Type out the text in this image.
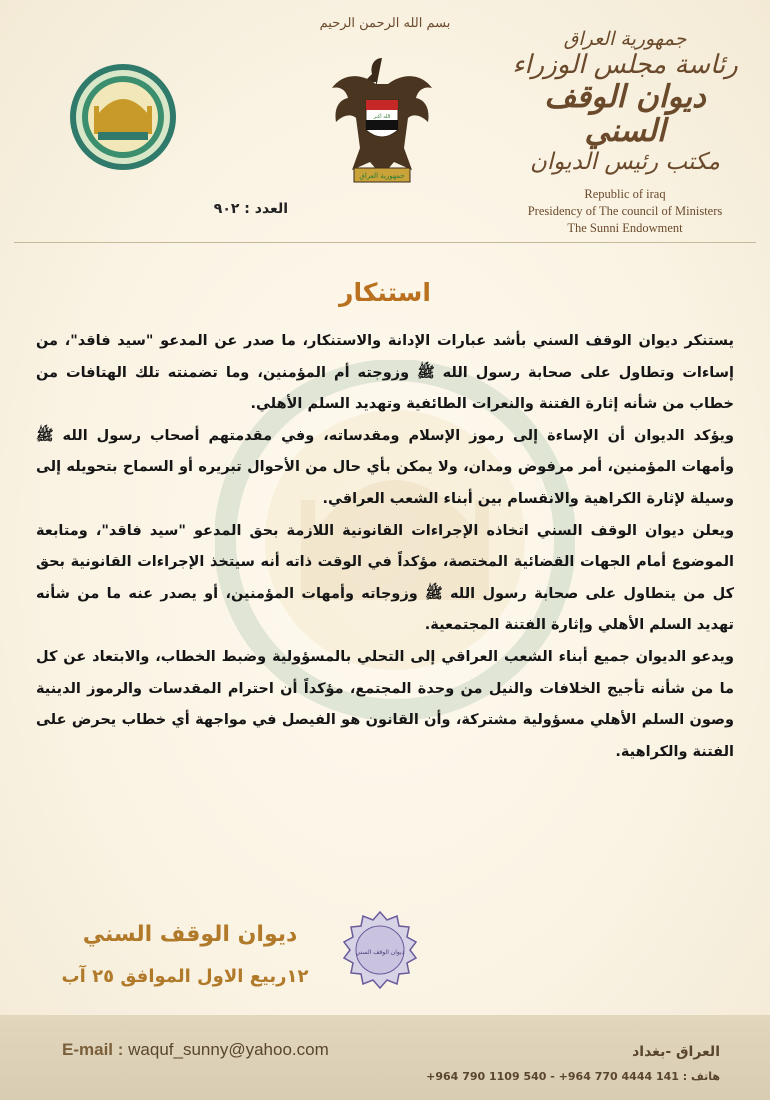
بسم الله الرحمن الرحيم
الله أكبر
جمهورية العراق
العدد : ٩٠٢
جمهورية العراق
رئاسة مجلس الوزراء
ديوان الوقف السني
مكتب رئيس الديوان
Republic of iraq
Presidency of The council of Ministers
The Sunni Endowment
استنكار

يستنكر ديوان الوقف السني بأشد عبارات الإدانة والاستنكار، ما صدر عن المدعو "سيد فاقد"، من إساءات وتطاول على صحابة رسول الله ﷺ وزوجته أم المؤمنين، وما تضمنته تلك الهتافات من خطاب من شأنه إثارة الفتنة والنعرات الطائفية وتهديد السلم الأهلي.

ويؤكد الديوان أن الإساءة إلى رموز الإسلام ومقدساته، وفي مقدمتهم أصحاب رسول الله ﷺ وأمهات المؤمنين، أمر مرفوض ومدان، ولا يمكن بأي حال من الأحوال تبريره أو السماح بتحويله إلى وسيلة لإثارة الكراهية والانقسام بين أبناء الشعب العراقي.

ويعلن ديوان الوقف السني اتخاذه الإجراءات القانونية اللازمة بحق المدعو "سيد فاقد"، ومتابعة الموضوع أمام الجهات القضائية المختصة، مؤكداً في الوقت ذاته أنه سيتخذ الإجراءات القانونية بحق كل من يتطاول على صحابة رسول الله ﷺ وزوجاته وأمهات المؤمنين، أو يصدر عنه ما من شأنه تهديد السلم الأهلي وإثارة الفتنة المجتمعية.

ويدعو الديوان جميع أبناء الشعب العراقي إلى التحلي بالمسؤولية وضبط الخطاب، والابتعاد عن كل ما من شأنه تأجيج الخلافات والنيل من وحدة المجتمع، مؤكداً أن احترام المقدسات والرموز الدينية وصون السلم الأهلي مسؤولية مشتركة، وأن القانون هو الفيصل في مواجهة أي خطاب يحرض على الفتنة والكراهية.

ديوان الوقف السني
١٢ربيع الاول الموافق ٢٥ آب
ديوان الوقف السني
E-mail : waquf_sunny@yahoo.com	العراق -بغداد
هاتف : 141 4444 770 964+ - 540 1109 790 964+
